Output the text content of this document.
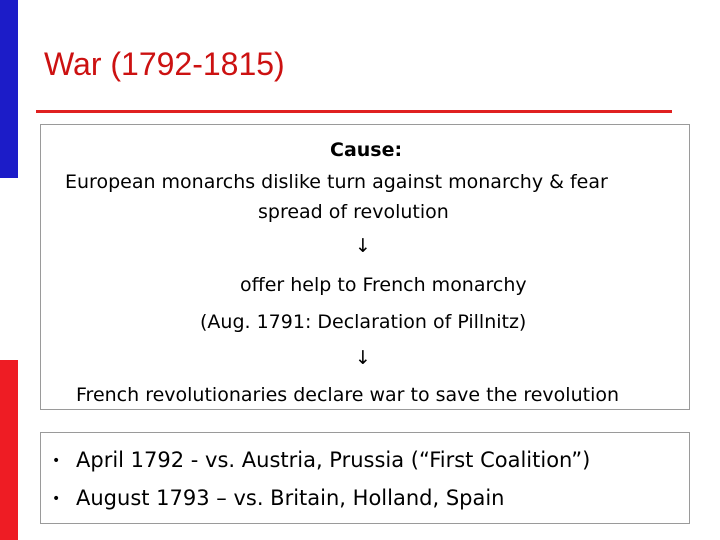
War (1792-1815)
Cause:
European monarchs dislike turn against monarchy & fear
spread of revolution
↓
offer help to French monarchy
(Aug. 1791: Declaration of Pillnitz)
↓
French revolutionaries declare war to save the revolution
• April 1792 - vs. Austria, Prussia (“First Coalition”)
• August 1793 – vs. Britain, Holland, Spain
